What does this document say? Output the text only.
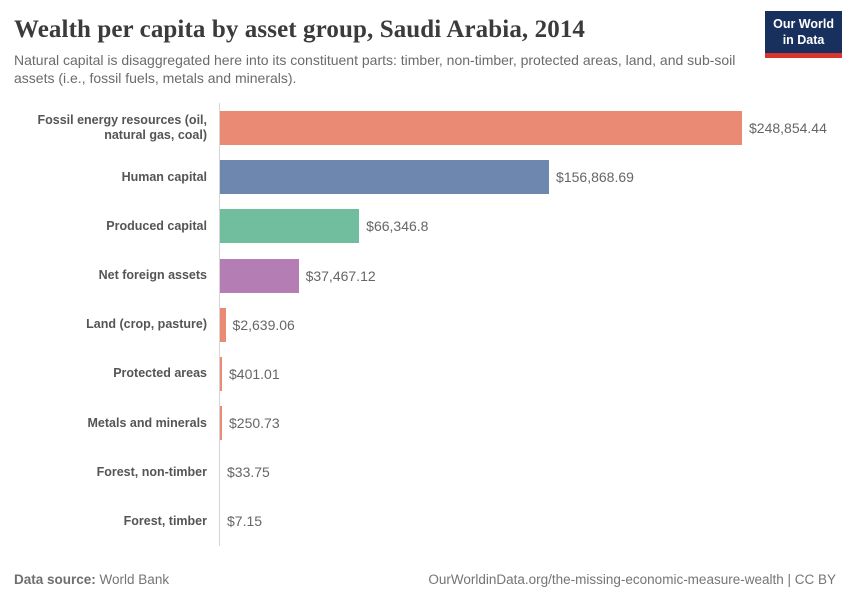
Wealth per capita by asset group, Saudi Arabia, 2014

Natural capital is disaggregated here into its constituent parts: timber, non-timber, protected areas, land, and sub-soil assets (i.e., fossil fuels, metals and minerals).

Our World
in Data
Fossil energy resources (oil, natural gas, coal)	$248,854.44
Human capital	$156,868.69
Produced capital	$66,346.8
Net foreign assets	$37,467.12
Land (crop, pasture)	$2,639.06
Protected areas	$401.01
Metals and minerals	$250.73
Forest, non-timber	$33.75
Forest, timber	$7.15
Data source: World Bank	OurWorldinData.org/the-missing-economic-measure-wealth | CC BY
